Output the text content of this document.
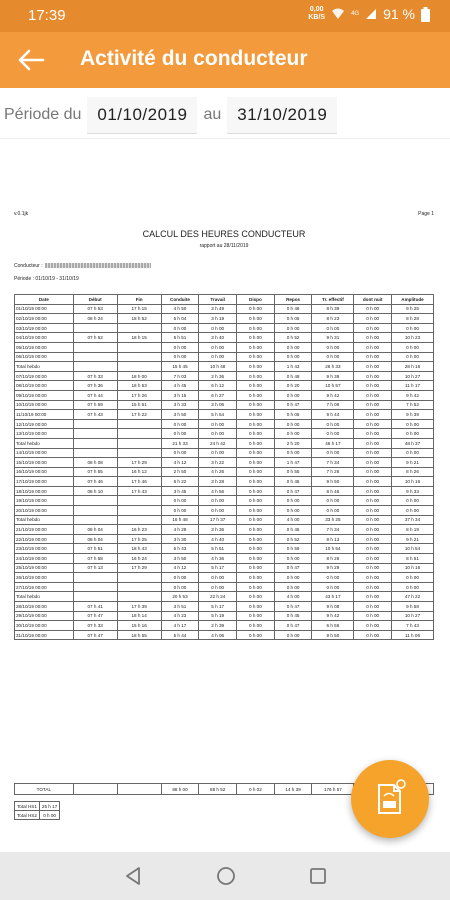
17:39	0,00
KB/S	4G 91 %
Activité du conducteur
Période du 01/10/2019	au 31/10/2019
v.0.1jk	Page 1
CALCUL DES HEURES CONDUCTEUR
rapport au 28/11/2019
Conducteur :
Période : 01/10/19 - 31/10/19
Date	Début	Fin	Conduite	Travail	Dispo	Repos	Tr. effectif	dont nuit	Amplitude
01/10/19 00:00	07 h 53	17 h 15	4 h 50	3 h 49	0 h 00	0 h 46	8 h 39	0 h 00	9 h 25
02/10/19 00:00	08 h 24	18 h 52	5 h 04	3 h 19	0 h 00	0 h 05	8 h 23	0 h 00	8 h 28
03/10/19 00:00			0 h 00	0 h 00	0 h 00	0 h 00	0 h 00	0 h 00	0 h 00
04/10/19 00:00	07 h 52	18 h 15	5 h 51	3 h 40	0 h 00	0 h 52	9 h 31	0 h 00	10 h 23
05/10/19 00:00			0 h 00	0 h 00	0 h 00	0 h 00	0 h 00	0 h 00	0 h 00
06/10/19 00:00			0 h 00	0 h 00	0 h 00	0 h 00	0 h 00	0 h 00	0 h 00
Total hebdo			15 h 45	10 h 48	0 h 00	1 h 43	26 h 33	0 h 00	28 h 16
07/10/19 00:00	07 h 33	18 h 00	7 h 03	2 h 36	0 h 00	0 h 48	9 h 39	0 h 00	10 h 27
08/10/19 00:00	07 h 36	18 h 53	4 h 45	6 h 12	0 h 00	0 h 20	10 h 57	0 h 00	11 h 17
09/10/19 00:00	07 h 44	17 h 26	3 h 15	6 h 27	0 h 00	0 h 00	9 h 42	0 h 00	9 h 42
10/10/19 00:00	07 h 59	15 h 51	3 h 33	3 h 06	0 h 00	0 h 47	7 h 06	0 h 00	7 h 52
11/10/19 00:00	07 h 43	17 h 22	3 h 50	5 h 54	0 h 00	0 h 05	9 h 44	0 h 00	9 h 39
12/10/19 00:00			0 h 00	0 h 00	0 h 00	0 h 00	0 h 00	0 h 00	0 h 00
13/10/19 00:00			0 h 00	0 h 00	0 h 00	0 h 00	0 h 00	0 h 00	0 h 00
Total hebdo			21 h 33	24 h 42	0 h 00	2 h 20	46 h 17	0 h 00	48 h 37
14/10/19 00:00			0 h 00	0 h 00	0 h 00	0 h 00	0 h 00	0 h 00	0 h 00
15/10/19 00:00	08 h 08	17 h 29	4 h 12	3 h 22	0 h 00	1 h 47	7 h 34	0 h 00	9 h 21
16/10/19 00:00	07 h 55	16 h 12	2 h 50	4 h 26	0 h 00	0 h 55	7 h 26	0 h 00	8 h 26
17/10/19 00:00	07 h 46	17 h 46	6 h 22	3 h 28	0 h 00	0 h 45	9 h 50	0 h 00	10 h 16
18/10/19 00:00	08 h 10	17 h 43	3 h 45	4 h 56	0 h 00	0 h 47	8 h 46	0 h 00	9 h 33
19/10/19 00:00			0 h 00	0 h 00	0 h 00	0 h 00	0 h 00	0 h 00	0 h 00
20/10/19 00:00			0 h 00	0 h 00	0 h 00	0 h 00	0 h 00	0 h 00	0 h 00
Total hebdo			16 h 48	17 h 37	0 h 00	4 h 00	33 h 25	0 h 00	37 h 34
21/10/19 00:00	08 h 04	16 h 23	4 h 29	3 h 36	0 h 00	0 h 45	7 h 34	0 h 00	8 h 19
22/10/19 00:00	08 h 04	17 h 25	3 h 30	4 h 40	0 h 00	0 h 52	8 h 13	0 h 00	9 h 21
23/10/19 00:00	07 h 51	18 h 43	5 h 43	5 h 51	0 h 00	0 h 59	10 h 54	0 h 00	10 h 54
24/10/19 00:00	07 h 58	16 h 24	3 h 50	4 h 36	0 h 00	0 h 00	8 h 26	0 h 00	8 h 51
25/10/19 00:00	07 h 13	17 h 29	4 h 12	5 h 17	0 h 00	0 h 47	9 h 29	0 h 00	10 h 16
26/10/19 00:00			0 h 00	0 h 00	0 h 00	0 h 00	0 h 00	0 h 00	0 h 00
27/10/19 00:00			0 h 00	0 h 00	0 h 00	0 h 00	0 h 00	0 h 00	0 h 00
Total hebdo			20 h 53	22 h 24	0 h 00	4 h 00	43 h 17	0 h 00	47 h 22
28/10/19 00:00	07 h 41	17 h 39	3 h 51	5 h 17	0 h 00	0 h 47	9 h 08	0 h 00	9 h 58
29/10/19 00:00	07 h 47	18 h 14	4 h 23	5 h 19	0 h 00	0 h 45	9 h 42	0 h 00	10 h 27
30/10/19 00:00	07 h 33	15 h 16	4 h 17	2 h 39	0 h 00	0 h 47	6 h 56	0 h 00	7 h 43
31/10/19 00:00	07 h 47	18 h 55	5 h 44	4 h 06	0 h 00	0 h 00	9 h 50	0 h 00	11 h 06
TOTAL			88 h 00	88 h 52	0 h 02	14 h 39	176 h 57		
Total HS1	25 h 17
Total HS2	0 h 00
